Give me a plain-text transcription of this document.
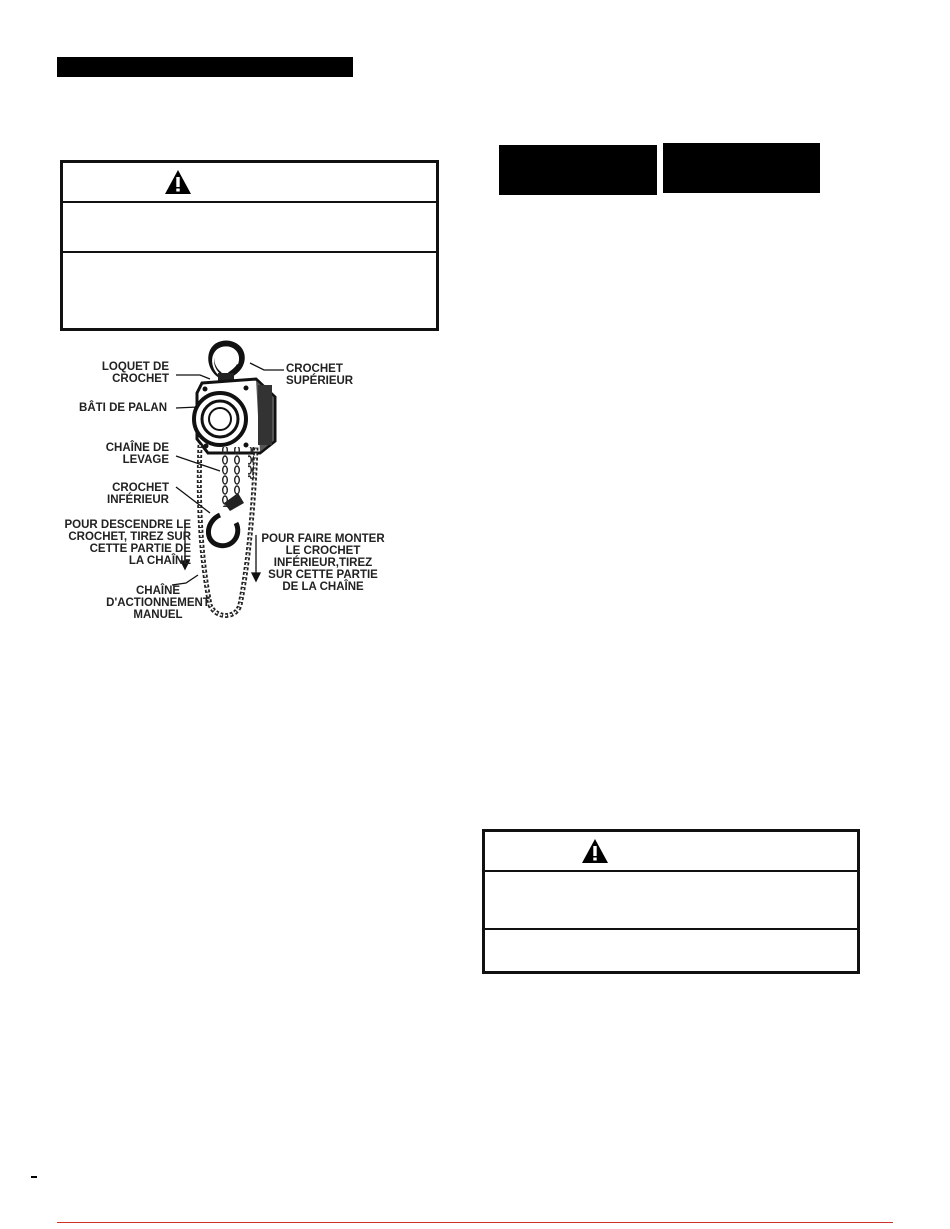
LOQUET DE
CROCHET
CROCHET
SUPÉRIEUR
BÂTI DE PALAN
CHAÎNE DE
LEVAGE
CROCHET
INFÉRIEUR
POUR DESCENDRE LE
CROCHET, TIREZ SUR
CETTE PARTIE DE
LA CHAÎNE
POUR FAIRE MONTER
LE CROCHET
INFÉRIEUR,TIREZ
SUR CETTE PARTIE
DE LA CHAÎNE
CHAÎNE
D'ACTIONNEMENT
MANUEL
